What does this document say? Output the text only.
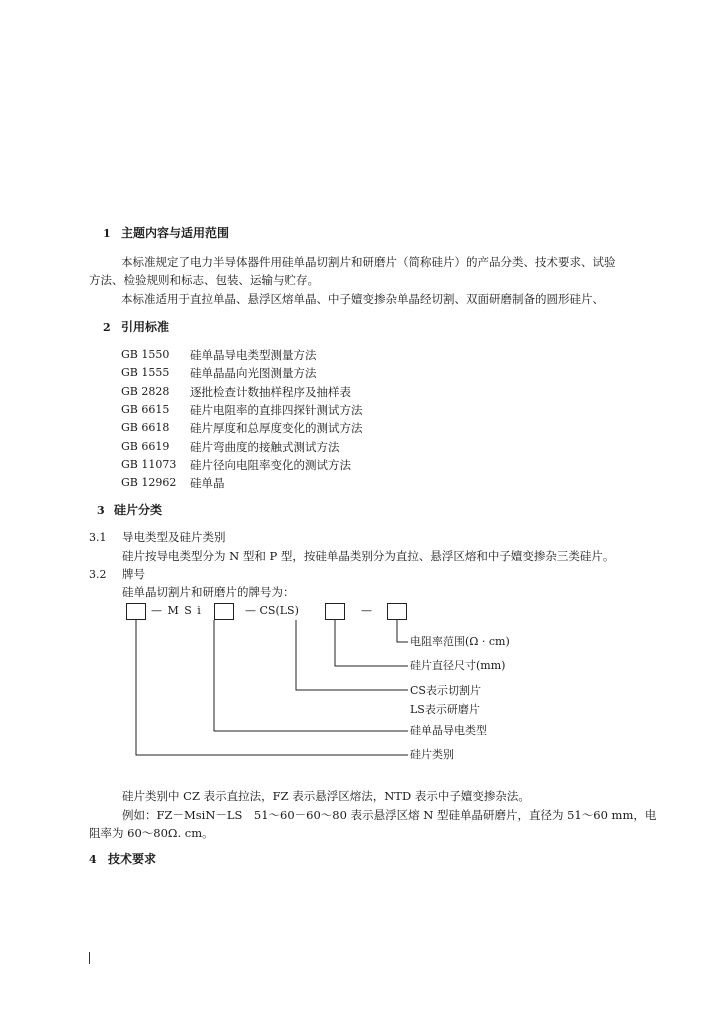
1 主题内容与适用范围
本标准规定了电力半导体器件用硅单晶切割片和研磨片（简称硅片）的产品分类、技术要求、试验
方法、检验规则和标志、包装、运输与贮存。
本标准适用于直拉单晶、悬浮区熔单晶、中子嬗变掺杂单晶经切割、双面研磨制备的圆形硅片、
2 引用标准
GB 1550 硅单晶导电类型测量方法
GB 1555 硅单晶晶向光图测量方法
GB 2828 逐批检查计数抽样程序及抽样表
GB 6615 硅片电阻率的直排四探针测试方法
GB 6618 硅片厚度和总厚度变化的测试方法
GB 6619 硅片弯曲度的接触式测试方法
GB 11073 硅片径向电阻率变化的测试方法
GB 12962 硅单晶
3 硅片分类
3.1 导电类型及硅片类别
硅片按导电类型分为 N 型和 P 型，按硅单晶类别分为直拉、悬浮区熔和中子嬗变掺杂三类硅片。
3.2 牌号
硅单晶切割片和研磨片的牌号为：
— M S i	— CS(LS)	—
电阻率范围(Ω · cm)
硅片直径尺寸(mm)
CS表示切割片
LS表示研磨片
硅单晶导电类型
硅片类别
硅片类别中 CZ 表示直拉法，FZ 表示悬浮区熔法，NTD 表示中子嬗变掺杂法。
例如：FZ－MsiN－LS　51～60－60～80 表示悬浮区熔 N 型硅单晶研磨片，直径为 51～60 mm，电
阻率为 60～80Ω. cm。
4 技术要求
